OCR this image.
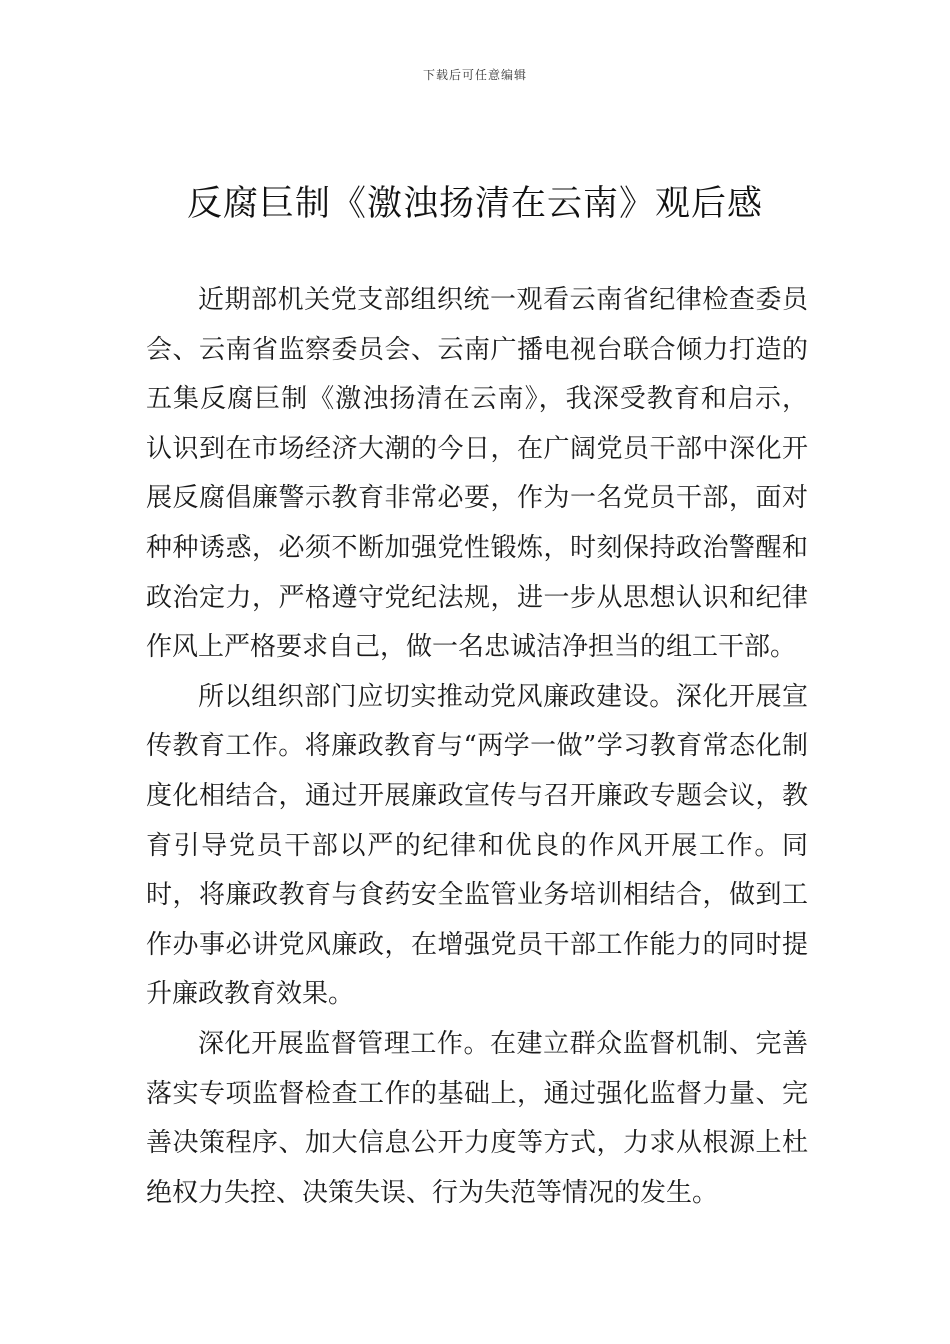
下载后可任意编辑
反腐巨制《激浊扬清在云南》观后感

近期部机关党支部组织统一观看云南省纪律检查委员会、云南省监察委员会、云南广播电视台联合倾力打造的五集反腐巨制《激浊扬清在云南》，我深受教育和启示，认识到在市场经济大潮的今日，在广阔党员干部中深化开展反腐倡廉警示教育非常必要，作为一名党员干部，面对种种诱惑，必须不断加强党性锻炼，时刻保持政治警醒和政治定力，严格遵守党纪法规，进一步从思想认识和纪律作风上严格要求自己，做一名忠诚洁净担当的组工干部。

所以组织部门应切实推动党风廉政建设。深化开展宣传教育工作。将廉政教育与“两学一做”学习教育常态化制度化相结合，通过开展廉政宣传与召开廉政专题会议，教育引导党员干部以严的纪律和优良的作风开展工作。同时，将廉政教育与食药安全监管业务培训相结合，做到工作办事必讲党风廉政，在增强党员干部工作能力的同时提升廉政教育效果。

深化开展监督管理工作。在建立群众监督机制、完善落实专项监督检查工作的基础上，通过强化监督力量、完善决策程序、加大信息公开力度等方式，力求从根源上杜绝权力失控、决策失误、行为失范等情况的发生。
